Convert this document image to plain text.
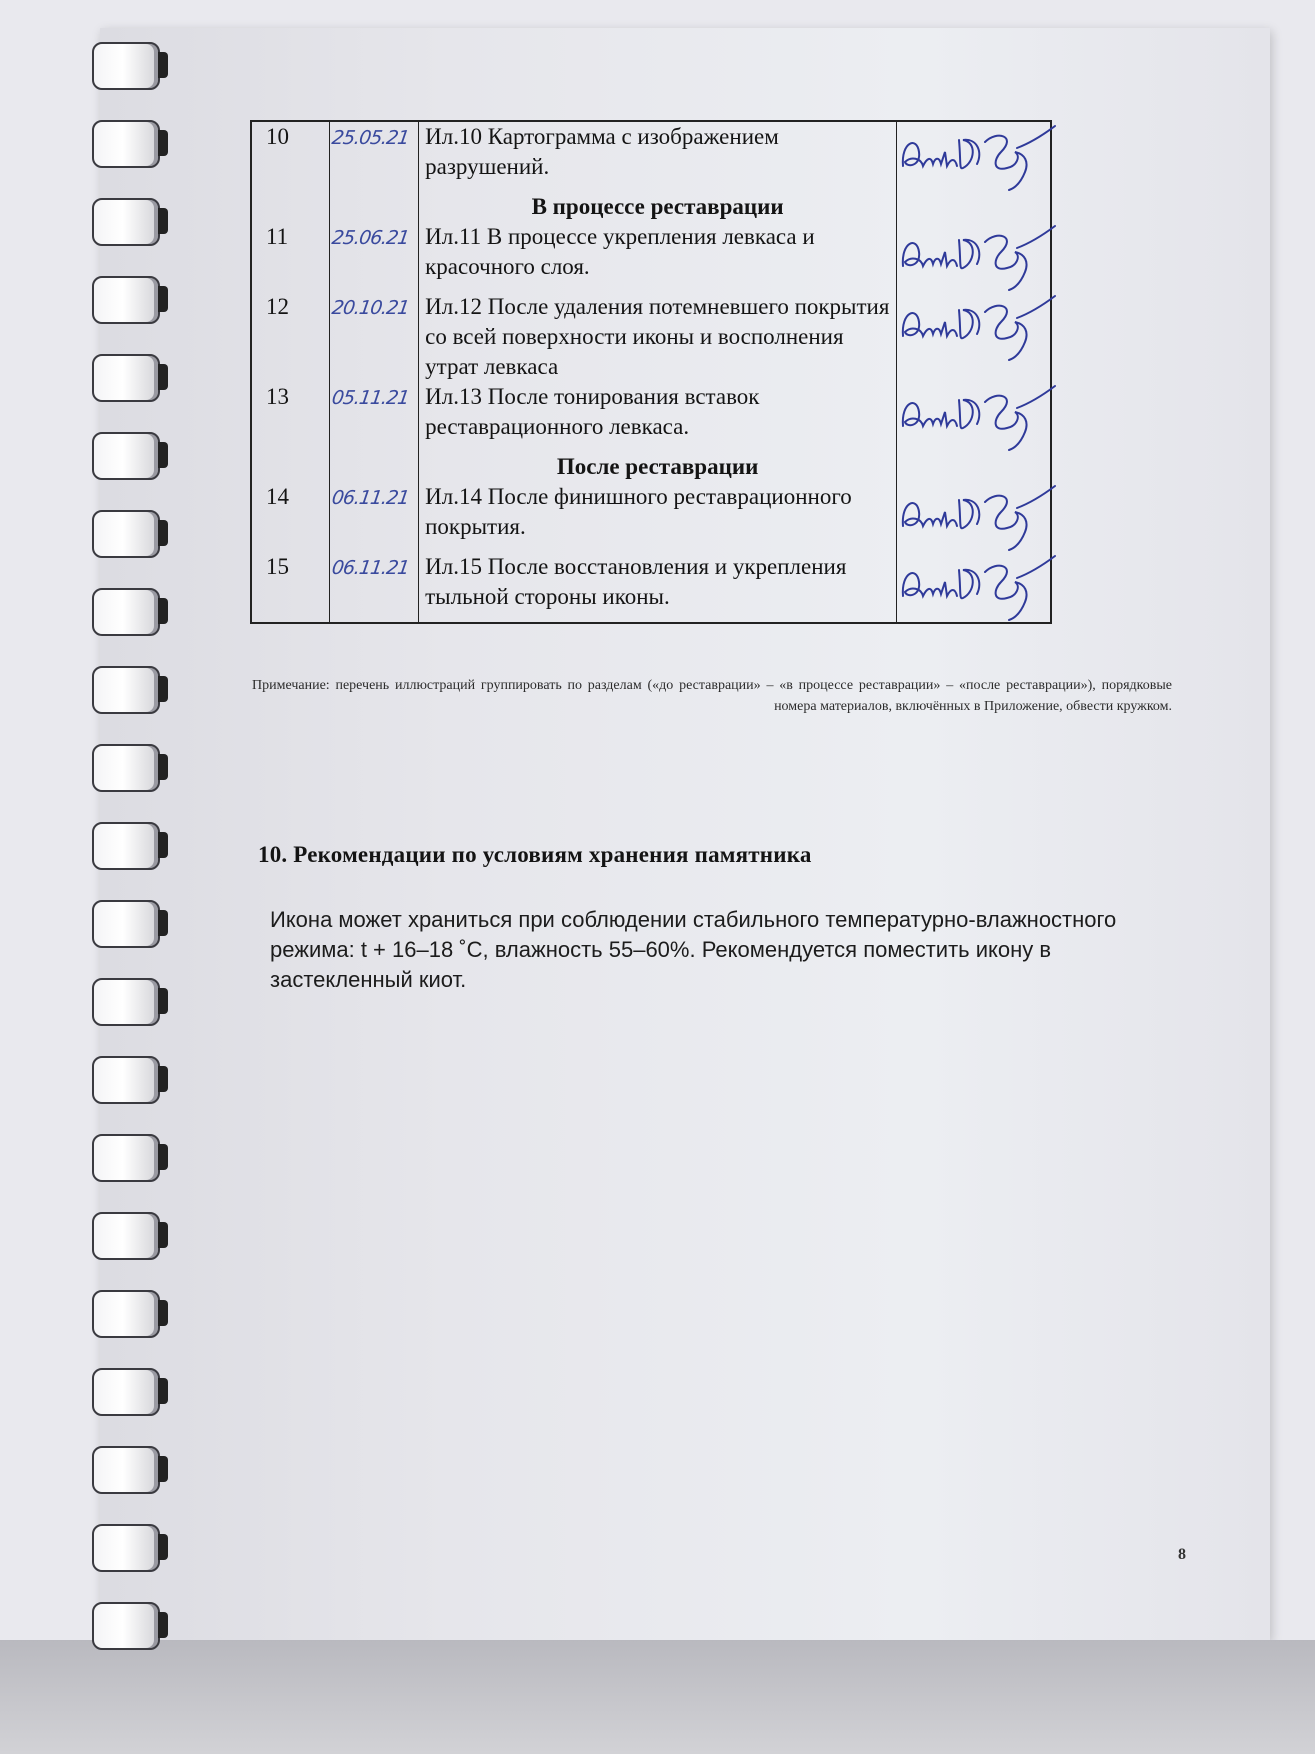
10	25.05.21	Ил.10 Картограмма с изображением разрушений.	

		В процессе реставрации	
11	25.06.21	Ил.11 В процессе укрепления левкаса и красочного слоя.	

12	20.10.21	Ил.12 После удаления потемневшего покрытия со всей поверхности иконы и восполнения утрат левкаса	

13	05.11.21	Ил.13 После тонирования вставок реставрационного левкаса.	

		После реставрации	
14	06.11.21	Ил.14 После финишного реставрационного покрытия.	

15	06.11.21	Ил.15 После восстановления и укрепления тыльной стороны иконы.	
Примечание: перечень иллюстраций группировать по разделам («до реставрации» – «в процессе реставрации» – «после реставрации»), порядковые номера материалов, включённых в Приложение, обвести кружком.
10. Рекомендации по условиям хранения памятника
Икона может храниться при соблюдении стабильного температурно-влажностного режима: t + 16–18 ˚С, влажность 55–60%. Рекомендуется поместить икону в застекленный киот.
8
